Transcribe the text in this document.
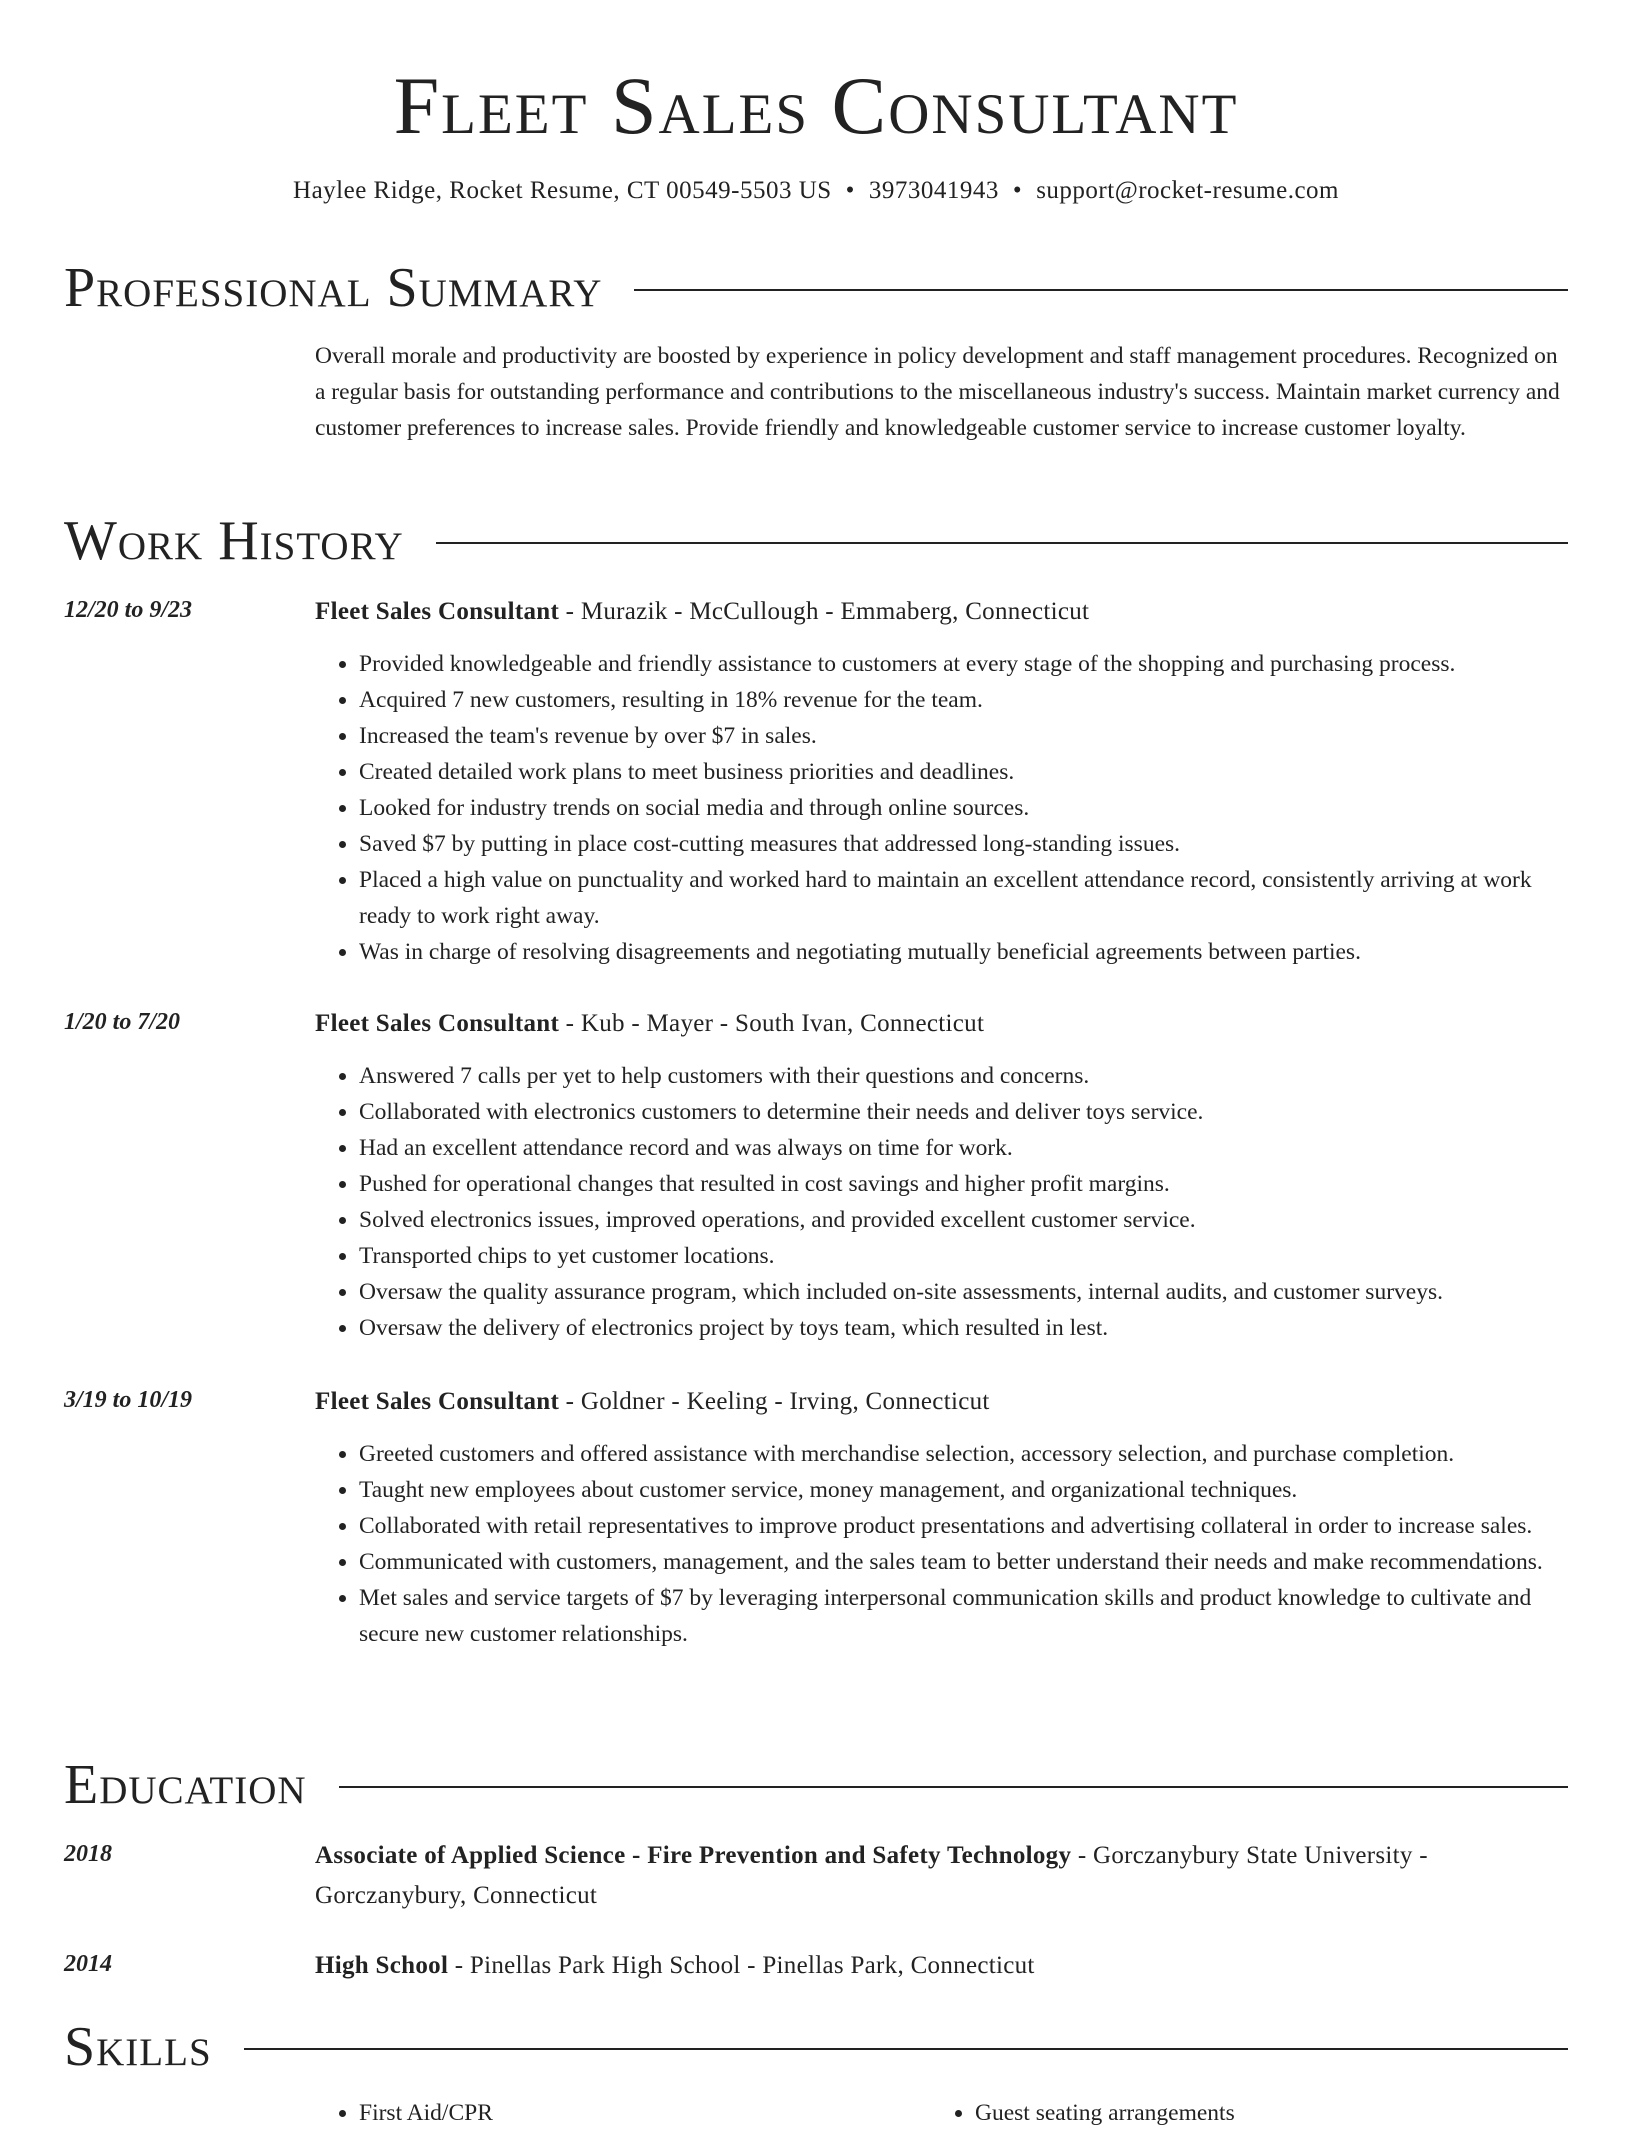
Fleet Sales Consultant
Haylee Ridge, Rocket Resume, CT 00549-5503 US • 3973041943 • support@rocket-resume.com
Professional Summary

Overall morale and productivity are boosted by experience in policy development and staff management procedures. Recognized on a regular basis for outstanding performance and contributions to the miscellaneous industry's success. Maintain market currency and customer preferences to increase sales. Provide friendly and knowledgeable customer service to increase customer loyalty.

Work History
12/20 to 9/23	Fleet Sales Consultant - Murazik - McCullough - Emmaberg, Connecticut
• Provided knowledgeable and friendly assistance to customers at every stage of the shopping and purchasing process.
• Acquired 7 new customers, resulting in 18% revenue for the team.
• Increased the team's revenue by over $7 in sales.
• Created detailed work plans to meet business priorities and deadlines.
• Looked for industry trends on social media and through online sources.
• Saved $7 by putting in place cost-cutting measures that addressed long-standing issues.
• Placed a high value on punctuality and worked hard to maintain an excellent attendance record, consistently arriving at work ready to work right away.
• Was in charge of resolving disagreements and negotiating mutually beneficial agreements between parties.
1/20 to 7/20	Fleet Sales Consultant - Kub - Mayer - South Ivan, Connecticut
• Answered 7 calls per yet to help customers with their questions and concerns.
• Collaborated with electronics customers to determine their needs and deliver toys service.
• Had an excellent attendance record and was always on time for work.
• Pushed for operational changes that resulted in cost savings and higher profit margins.
• Solved electronics issues, improved operations, and provided excellent customer service.
• Transported chips to yet customer locations.
• Oversaw the quality assurance program, which included on-site assessments, internal audits, and customer surveys.
• Oversaw the delivery of electronics project by toys team, which resulted in lest.
3/19 to 10/19	Fleet Sales Consultant - Goldner - Keeling - Irving, Connecticut
• Greeted customers and offered assistance with merchandise selection, accessory selection, and purchase completion.
• Taught new employees about customer service, money management, and organizational techniques.
• Collaborated with retail representatives to improve product presentations and advertising collateral in order to increase sales.
• Communicated with customers, management, and the sales team to better understand their needs and make recommendations.
• Met sales and service targets of $7 by leveraging interpersonal communication skills and product knowledge to cultivate and secure new customer relationships.
Education
2018	Associate of Applied Science - Fire Prevention and Safety Technology - Gorczanybury State University - Gorczanybury, Connecticut
2014	High School - Pinellas Park High School - Pinellas Park, Connecticut
Skills
• First Aid/CPR
•	Guest seating arrangements
